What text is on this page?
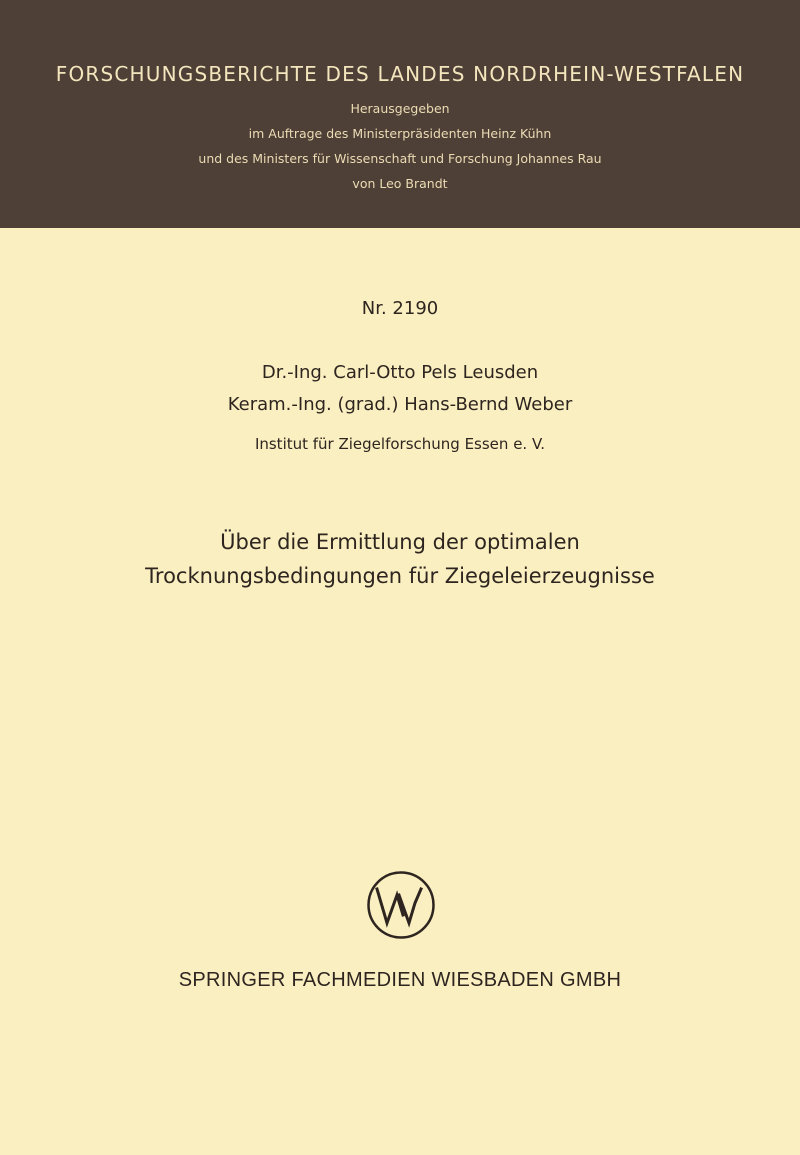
FORSCHUNGSBERICHTE DES LANDES NORDRHEIN-WESTFALEN
Herausgegeben
im Auftrage des Ministerpräsidenten Heinz Kühn
und des Ministers für Wissenschaft und Forschung Johannes Rau
von Leo Brandt
Nr. 2190
Dr.-Ing. Carl-Otto Pels Leusden
Keram.-Ing. (grad.) Hans-Bernd Weber
Institut für Ziegelforschung Essen e. V.
Über die Ermittlung der optimalen
Trocknungsbedingungen für Ziegeleierzeugnisse
SPRINGER FACHMEDIEN WIESBADEN GMBH
